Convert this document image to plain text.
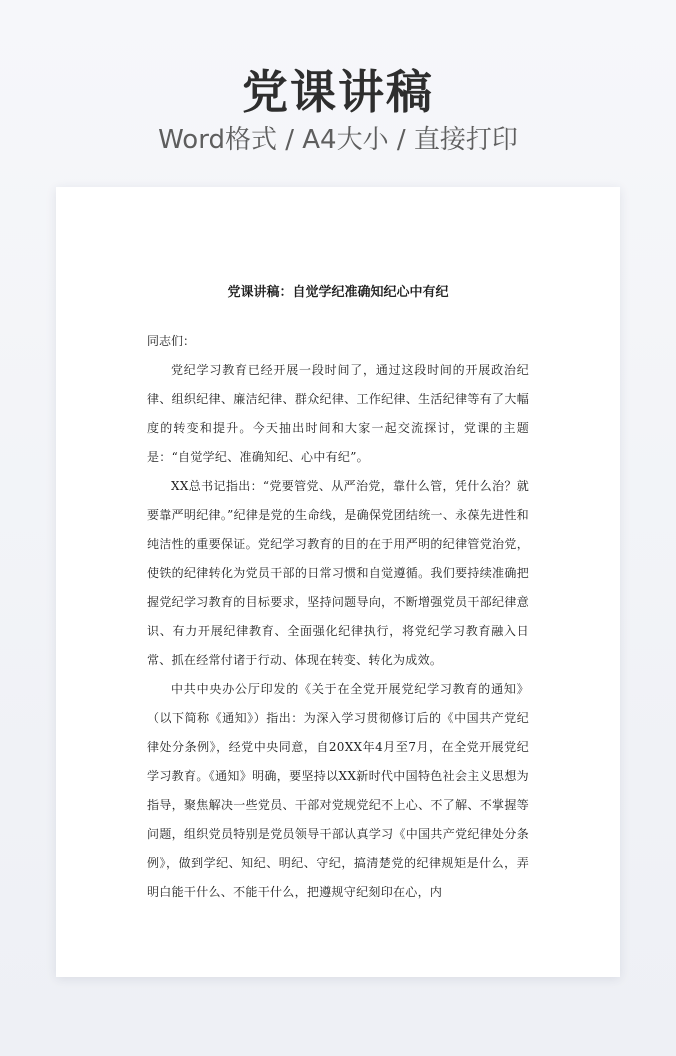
党课讲稿
Word格式 / A4大小 / 直接打印
党课讲稿：自觉学纪准确知纪心中有纪

同志们：

党纪学习教育已经开展一段时间了，通过这段时间的开展政治纪律、组织纪律、廉洁纪律、群众纪律、工作纪律、生活纪律等有了大幅度的转变和提升。今天抽出时间和大家一起交流探讨，党课的主题是：“自觉学纪、准确知纪、心中有纪”。

XX总书记指出：“党要管党、从严治党，靠什么管，凭什么治？就要靠严明纪律。”纪律是党的生命线，是确保党团结统一、永葆先进性和纯洁性的重要保证。党纪学习教育的目的在于用严明的纪律管党治党，使铁的纪律转化为党员干部的日常习惯和自觉遵循。我们要持续准确把握党纪学习教育的目标要求，坚持问题导向，不断增强党员干部纪律意识、有力开展纪律教育、全面强化纪律执行，将党纪学习教育融入日常、抓在经常付诸于行动、体现在转变、转化为成效。

中共中央办公厅印发的《关于在全党开展党纪学习教育的通知》（以下简称《通知》）指出：为深入学习贯彻修订后的《中国共产党纪律处分条例》，经党中央同意，自20XX年4月至7月，在全党开展党纪学习教育。《通知》明确，要坚持以XX新时代中国特色社会主义思想为指导，聚焦解决一些党员、干部对党规党纪不上心、不了解、不掌握等问题，组织党员特别是党员领导干部认真学习《中国共产党纪律处分条例》，做到学纪、知纪、明纪、守纪，搞清楚党的纪律规矩是什么，弄明白能干什么、不能干什么，把遵规守纪刻印在心，内
